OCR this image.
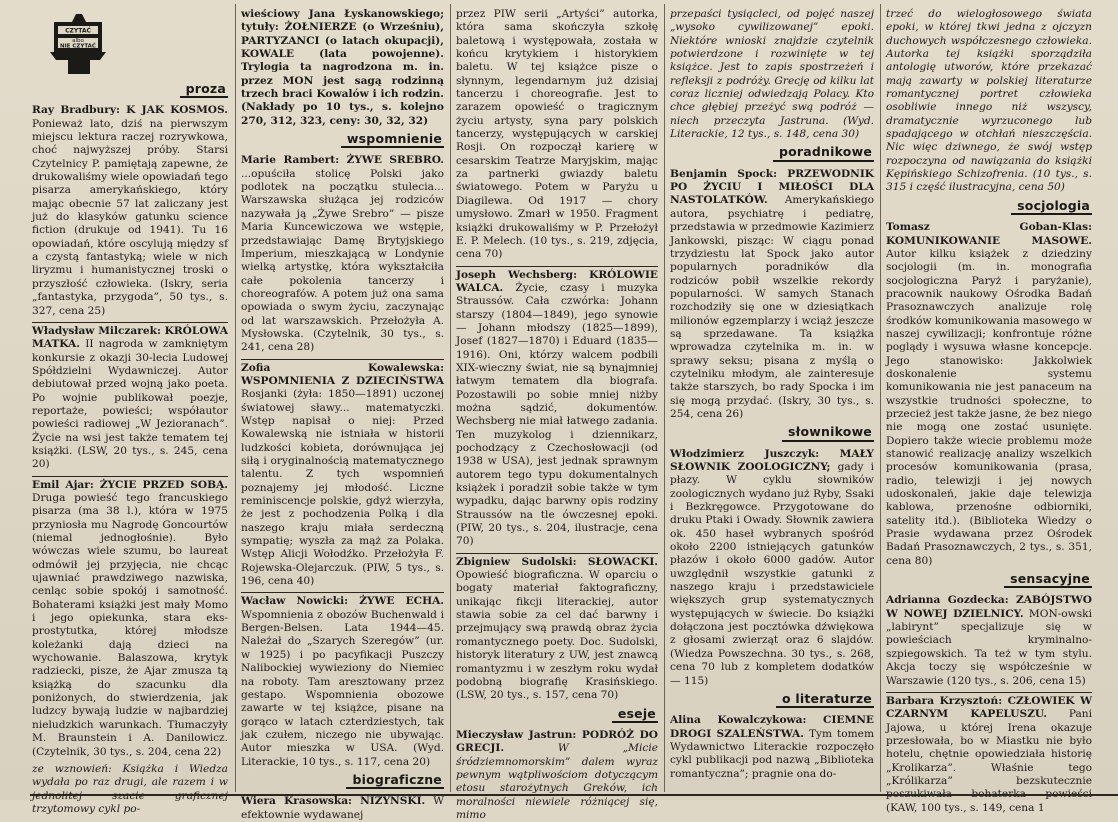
CZYTAĆ
albo
NIE CZYTAĆ
proza

Ray Bradbury: K JAK KOSMOS. Ponieważ lato, dziś na pierwszym miejscu lektura raczej rozrywkowa, choć najwyższej próby. Starsi Czytelnicy P. pamiętają zapewne, że drukowaliśmy wiele opowiadań tego pisarza amerykańskiego, który mając obecnie 57 lat zaliczany jest już do klasyków gatunku science fiction (drukuje od 1941). Tu 16 opowiadań, które oscylują między sf a czystą fantastyką; wiele w nich liryzmu i humanistycznej troski o przyszłość człowieka. (Iskry, seria „fantastyka, przygoda”, 50 tys., s. 327, cena 25)

Władysław Milczarek: KRÓLOWA MATKA. II nagroda w zamkniętym konkursie z okazji 30-lecia Ludowej Spółdzielni Wydawniczej. Autor debiutował przed wojną jako poeta. Po wojnie publikował poezje, reportaże, powieści; współautor powieści radiowej „W Jezioranach”. Życie na wsi jest także tematem tej książki. (LSW, 20 tys., s. 245, cena 20)

Emil Ajar: ŻYCIE PRZED SOBĄ. Druga powieść tego francuskiego pisarza (ma 38 l.), która w 1975 przyniosła mu Nagrodę Goncourtów (niemal jednogłośnie). Było wówczas wiele szumu, bo laureat odmówił jej przyjęcia, nie chcąc ujawniać prawdziwego nazwiska, cenląc sobie spokój i samotność. Bohaterami książki jest mały Momo i jego opiekunka, stara eks-prostytutka, której młodsze koleżanki dają dzieci na wychowanie. Balaszowa, krytyk radziecki, pisze, że Ajar zmusza tą książką do szacunku dla poniżonych, do stwierdzenia, jak ludzcy bywają ludzie w najbardziej nieludzkich warunkach. Tłumaczyły M. Braunstein i A. Danilowicz. (Czytelnik, 30 tys., s. 204, cena 22)

ze wznowień: Książka i Wiedza wydała po raz drugi, ale razem i w jednolitej szacie graficznej trzytomowy cykl po-

wieściowy Jana Łyskanowskiego; tytuły: ŻOŁNIERZE (o Wrześniu), PARTYZANCI (o latach okupacji), KOWALE (lata powojenne). Trylogia ta nagrodzona m. in. przez MON jest sagą rodzinną trzech braci Kowalów i ich rodzin. (Nakłady po 10 tys., s. kolejno 270, 312, 323, ceny: 30, 32, 32)

wspomnienie

Marie Rambert: ŻYWE SREBRO. ...opuściła stolicę Polski jako podlotek na początku stulecia... Warszawska służąca jej rodziców nazywała ją „Żywe Srebro” — pisze Maria Kuncewiczowa we wstępie, przedstawiając Damę Brytyjskiego Imperium, mieszkającą w Londynie wielką artystkę, która wykształciła całe pokolenia tancerzy i choreografów. A potem już ona sama opowiada o swym życiu, zaczynając od lat warszawskich. Przełożyła A. Mysłowska. (Czytelnik, 30 tys., s. 241, cena 28)

Zofia Kowalewska: WSPOMNIENIA Z DZIECIŃSTWA Rosjanki (żyła: 1850—1891) uczonej światowej sławy... matematyczki. Wstęp napisał o niej: Przed Kowalewską nie istniała w historii ludzkości kobieta, dorównująca jej siłą i oryginalnością matematycznego talentu. Z tych wspomnień poznajemy jej młodość. Liczne reminiscencje polskie, gdyż wierzyła, że jest z pochodzenia Polką i dla naszego kraju miała serdeczną sympatię; wyszła za mąż za Polaka. Wstęp Alicji Wołodźko. Przełożyła F. Rojewska-Olejarczuk. (PIW, 5 tys., s. 196, cena 40)

Wacław Nowicki: ŻYWE ECHA. Wspomnienia z obozów Buchenwald i Bergen-Belsen. Lata 1944—45. Należał do „Szarych Szeregów” (ur. w 1925) i po pacyfikacji Puszczy Nalibockiej wywieziony do Niemiec na roboty. Tam aresztowany przez gestapo. Wspomnienia obozowe zawarte w tej książce, pisane na gorąco w latach czterdziestych, tak jak czułem, niczego nie ubywając. Autor mieszka w USA. (Wyd. Literackie, 10 tys., s. 117, cena 20)

biograficzne

Wiera Krasowska: NIŻYŃSKI. W efektownie wydawanej

przez PIW serii „Artyści” autorka, która sama skończyła szkołę baletową i występowała, została w końcu krytykiem i historykiem baletu. W tej książce pisze o słynnym, legendarnym już dzisiaj tancerzu i choreografie. Jest to zarazem opowieść o tragicznym życiu artysty, syna pary polskich tancerzy, występujących w carskiej Rosji. On rozpoczął karierę w cesarskim Teatrze Maryjskim, mając za partnerki gwiazdy baletu światowego. Potem w Paryżu u Diagilewa. Od 1917 — chory umysłowo. Zmarł w 1950. Fragment książki drukowaliśmy w P. Przełożył E. P. Melech. (10 tys., s. 219, zdjęcia, cena 70)

Joseph Wechsberg: KRÓLOWIE WALCA. Życie, czasy i muzyka Straussów. Cała czwórka: Johann starszy (1804—1849), jego synowie — Johann młodszy (1825—1899), Josef (1827—1870) i Eduard (1835—1916). Oni, którzy walcem podbili XIX-wieczny świat, nie są bynajmniej łatwym tematem dla biografa. Pozostawili po sobie mniej niżby można sądzić, dokumentów. Wechsberg nie miał łatwego zadania. Ten muzykolog i dziennikarz, pochodzący z Czechosłowacji (od 1938 w USA), jest jednak sprawnym autorem tego typu dokumentalnych książek i poradził sobie także w tym wypadku, dając barwny opis rodziny Straussów na tle ówczesnej epoki. (PIW, 20 tys., s. 204, ilustracje, cena 70)

Zbigniew Sudolski: SŁOWACKI. Opowieść biograficzna. W oparciu o bogaty materiał faktograficzny, unikając fikcji literackiej, autor stawia sobie za cel dać barwny i przejmujący swą prawdą obraz życia romantycznego poety. Doc. Sudolski, historyk literatury z UW, jest znawcą romantyzmu i w zeszłym roku wydał podobną biografię Krasińskiego. (LSW, 20 tys., s. 157, cena 70)

eseje

Mieczysław Jastrun: PODRÓŻ DO GRECJI.	W „Micie śródziemnomorskim” dalem wyraz pewnym wątpliwościom dotyczącym etosu starożytnych Greków, ich moralności niewiele różniącej się, mimo

przepaści tysiącleci, od pojęć naszej „wysoko cywilizowanej” epoki. Niektóre wnioski znajdzie czytelnik potwierdzone i rozwinięte w tej książce. Jest to zapis spostrzeżeń i refleksji z podróży. Grecję od kilku lat coraz liczniej odwiedzają Polacy. Kto chce głębiej przeżyć swą podróż — niech przeczyta Jastruna. (Wyd. Literackie, 12 tys., s. 148, cena 30)

poradnikowe

Benjamin Spock: PRZEWODNIK PO ŻYCIU I MIŁOŚCI DLA NASTOLATKÓW. Amerykańskiego autora, psychiatrę i pediatrę, przedstawia w przedmowie Kazimierz Jankowski, pisząc: W ciągu ponad trzydziestu lat Spock jako autor popularnych poradników dla rodziców pobił wszelkie rekordy popularności. W samych Stanach rozchodziły się one w dziesiątkach milionów egzemplarzy i wciąż jeszcze są sprzedawane. Ta książka wprowadza czytelnika m. in. w sprawy seksu; pisana z myślą o czytelniku młodym, ale zainteresuje także starszych, bo rady Spocka i im się mogą przydać. (Iskry, 30 tys., s. 254, cena 26)

słownikowe

Włodzimierz Juszczyk: MAŁY SŁOWNIK ZOOLOGICZNY; gady i płazy. W cyklu słowników zoologicznych wydano już Ryby, Ssaki i Bezkręgowce. Przygotowane do druku Ptaki i Owady. Słownik zawiera ok. 450 haseł wybranych spośród około 2200 istniejących gatunków płazów i około 6000 gadów. Autor uwzględnił wszystkie gatunki z naszego kraju i przedstawiciele większych grup systematycznych występujących w świecie. Do książki dołączona jest pocztówka dźwiękowa z głosami zwierząt oraz 6 slajdów. (Wiedza Powszechna. 30 tys., s. 268, cena 70 lub z kompletem dodatków — 115)

o literaturze

Alina Kowalczykowa: CIEMNE DROGI SZALEŃSTWA. Tym tomem Wydawnictwo Literackie rozpoczęło cykl publikacji pod nazwą „Biblioteka romantyczna”; pragnie ona do-

trzeć do wielogłosowego świata epoki, w której tkwi jedna z ojczyzn duchowych współczesnego człowieka. Autorka tej książki sporządziła antologię utworów, które przekazać mają zawarty w polskiej literaturze romantycznej portret człowieka osobliwie innego niż wszyscy, dramatycznie wyrzuconego lub spadającego w otchłań nieszczęścia. Nic więc dziwnego, że swój wstęp rozpoczyna od nawiązania do książki Kępińskiego Schizofrenia. (10 tys., s. 315 i część ilustracyjna, cena 50)

socjologia

Tomasz Goban-Klas: KOMUNIKOWANIE MASOWE. Autor kilku książek z dziedziny socjologii (m. in. monografia socjologiczna Paryż i paryżanie), pracownik naukowy Ośrodka Badań Prasoznawczych analizuje rolę środków komunikowania masowego w naszej cywilizacji; konfrontuje różne poglądy i wysuwa własne koncepcje. Jego stanowisko: Jakkolwiek doskonalenie systemu komunikowania nie jest panaceum na wszystkie trudności społeczne, to przecież jest także jasne, że bez niego nie mogą one zostać usunięte. Dopiero także wiecie problemu może stanowić realizację analizy wszelkich procesów komunikowania (prasa, radio, telewizji i jej nowych udoskonaleń, jakie daje telewizja kablowa, przenośne odbiorniki, satelity itd.). (Biblioteka Wiedzy o Prasie wydawana przez Ośrodek Badań Prasoznawczych, 2 tys., s. 351, cena 80)

sensacyjne

Adrianna Gozdecka: ZABÓJSTWO W NOWEJ DZIELNICY. MON-owski „labirynt” specjalizuje się w powieściach kryminalno-szpiegowskich. Ta też w tym stylu. Akcja toczy się współcześnie w Warszawie (120 tys., s. 206, cena 15)

Barbara Krzysztoń: CZŁOWIEK W CZARNYM KAPELUSZU. Pani Jajowa, u której Irena okazuje przesłowała, bo w Miastku nie było hotelu, chętnie opowiedziała historię „Krolikarza”. Właśnie tego „Królikarza” bezskutecznie poszukiwała bohaterka powieści (KAW, 100 tys., s. 149, cena 1
